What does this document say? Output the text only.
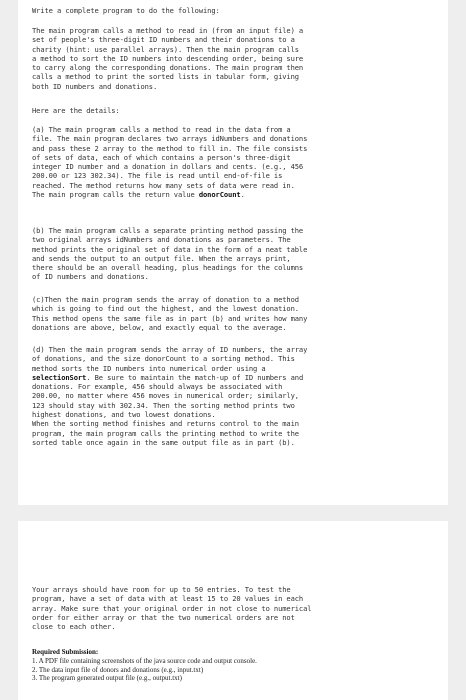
Write a complete program to do the following:
The main program calls a method to read in (from an input file) a
set of people's three-digit ID numbers and their donations to a
charity (hint: use parallel arrays). Then the main program calls
a method to sort the ID numbers into descending order, being sure
to carry along the corresponding donations. The main program then
calls a method to print the sorted lists in tabular form, giving
both ID numbers and donations.
Here are the details:
(a) The main program calls a method to read in the data from a
file. The main program declares two arrays idNumbers and donations
and pass these 2 array to the method to fill in. The file consists
of sets of data, each of which contains a person's three-digit
integer ID number and a donation in dollars and cents. (e.g., 456
200.00 or 123 302.34). The file is read until end-of-file is
reached. The method returns how many sets of data were read in.
The main program calls the return value donorCount.
(b) The main program calls a separate printing method passing the
two original arrays idNumbers and donations as parameters. The
method prints the original set of data in the form of a neat table
and sends the output to an output file. When the arrays print,
there should be an overall heading, plus headings for the columns
of ID numbers and donations.
(c)Then the main program sends the array of donation to a method
which is going to find out the highest, and the lowest donation.
This method opens the same file as in part (b) and writes how many
donations are above, below, and exactly equal to the average.
(d) Then the main program sends the array of ID numbers, the array
of donations, and the size donorCount to a sorting method. This
method sorts the ID numbers into numerical order using a
selectionSort. Be sure to maintain the match-up of ID numbers and
donations. For example, 456 should always be associated with
200.00, no matter where 456 moves in numerical order; similarly,
123 should stay with 302.34. Then the sorting method prints two
highest donations, and two lowest donations.
When the sorting method finishes and returns control to the main
program, the main program calls the printing method to write the
sorted table once again in the same output file as in part (b).
Your arrays should have room for up to 50 entries. To test the
program, have a set of data with at least 15 to 20 values in each
array. Make sure that your original order in not close to numerical
order for either array or that the two numerical orders are not
close to each other.
Required Submission:
1. A PDF file containing screenshots of the java source code and output console.
2. The data input file of donors and donations (e.g., input.txt)
3. The program generated output file (e.g., output.txt)
